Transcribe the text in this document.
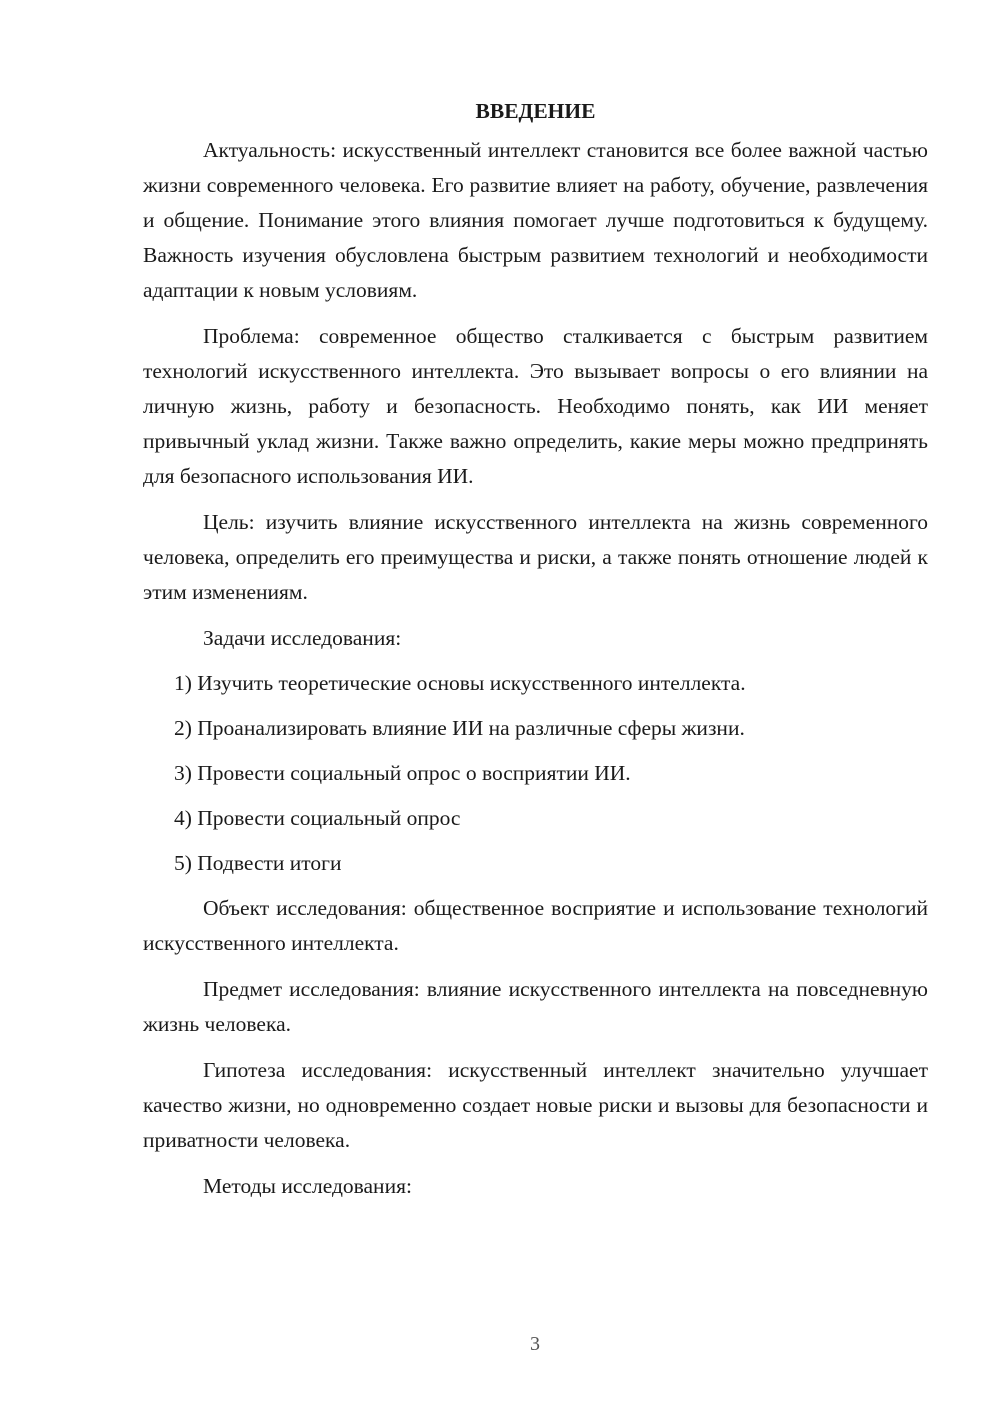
ВВЕДЕНИЕ

Актуальность: искусственный интеллект становится все более важной частью жизни современного человека. Его развитие влияет на работу, обучение, развлечения и общение. Понимание этого влияния помогает лучше подготовиться к будущему. Важность изучения обусловлена быстрым развитием технологий и необходимости адаптации к новым условиям.

Проблема: современное общество сталкивается с быстрым развитием технологий искусственного интеллекта. Это вызывает вопросы о его влиянии на личную жизнь, работу и безопасность. Необходимо понять, как ИИ меняет привычный уклад жизни. Также важно определить, какие меры можно предпринять для безопасного использования ИИ.

Цель: изучить влияние искусственного интеллекта на жизнь современного человека, определить его преимущества и риски, а также понять отношение людей к этим изменениям.

Задачи исследования:

1) Изучить теоретические основы искусственного интеллекта.
2) Проанализировать влияние ИИ на различные сферы жизни.
3) Провести социальный опрос о восприятии ИИ.
4) Провести социальный опрос
5) Подвести итоги

Объект исследования: общественное восприятие и использование технологий искусственного интеллекта.

Предмет исследования: влияние искусственного интеллекта на повседневную жизнь человека.

Гипотеза исследования: искусственный интеллект значительно улучшает качество жизни, но одновременно создает новые риски и вызовы для безопасности и приватности человека.

Методы исследования:

3
